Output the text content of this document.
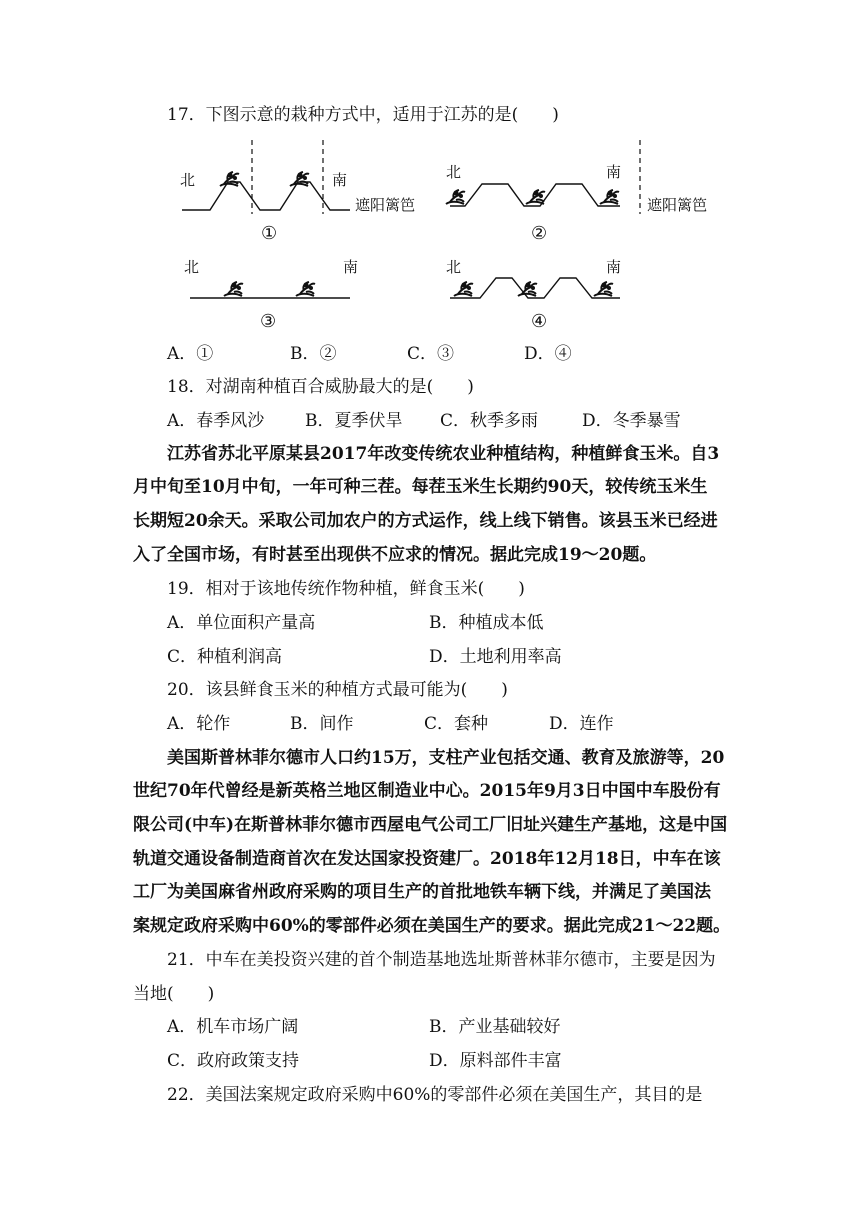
17．下图示意的栽种方式中，适用于江苏的是(　　)
北	南
遮阳篱笆
①
北	南
遮阳篱笆
②
北	南
③
北	南
④
A．①	B．②	C．③	D．④
18．对湖南种植百合威胁最大的是(　　)
A．春季风沙 B．夏季伏旱 C．秋季多雨	D．冬季暴雪
江苏省苏北平原某县2017年改变传统农业种植结构，种植鲜食玉米。自3
月中旬至10月中旬，一年可种三茬。每茬玉米生长期约90天，较传统玉米生
长期短20余天。采取公司加农户的方式运作，线上线下销售。该县玉米已经进
入了全国市场，有时甚至出现供不应求的情况。据此完成19～20题。
19．相对于该地传统作物种植，鲜食玉米(　　)
A．单位面积产量高	B．种植成本低
C．种植利润高	D．土地利用率高
20．该县鲜食玉米的种植方式最可能为(　　)
A．轮作	B．间作	C．套种	D．连作
美国斯普林菲尔德市人口约15万，支柱产业包括交通、教育及旅游等，20
世纪70年代曾经是新英格兰地区制造业中心。2015年9月3日中国中车股份有
限公司(中车)在斯普林菲尔德市西屋电气公司工厂旧址兴建生产基地，这是中国
轨道交通设备制造商首次在发达国家投资建厂。2018年12月18日，中车在该
工厂为美国麻省州政府采购的项目生产的首批地铁车辆下线，并满足了美国法
案规定政府采购中60%的零部件必须在美国生产的要求。据此完成21～22题。
21．中车在美投资兴建的首个制造基地选址斯普林菲尔德市，主要是因为
当地(　　)
A．机车市场广阔	B．产业基础较好
C．政府政策支持	D．原料部件丰富
22．美国法案规定政府采购中60%的零部件必须在美国生产，其目的是
